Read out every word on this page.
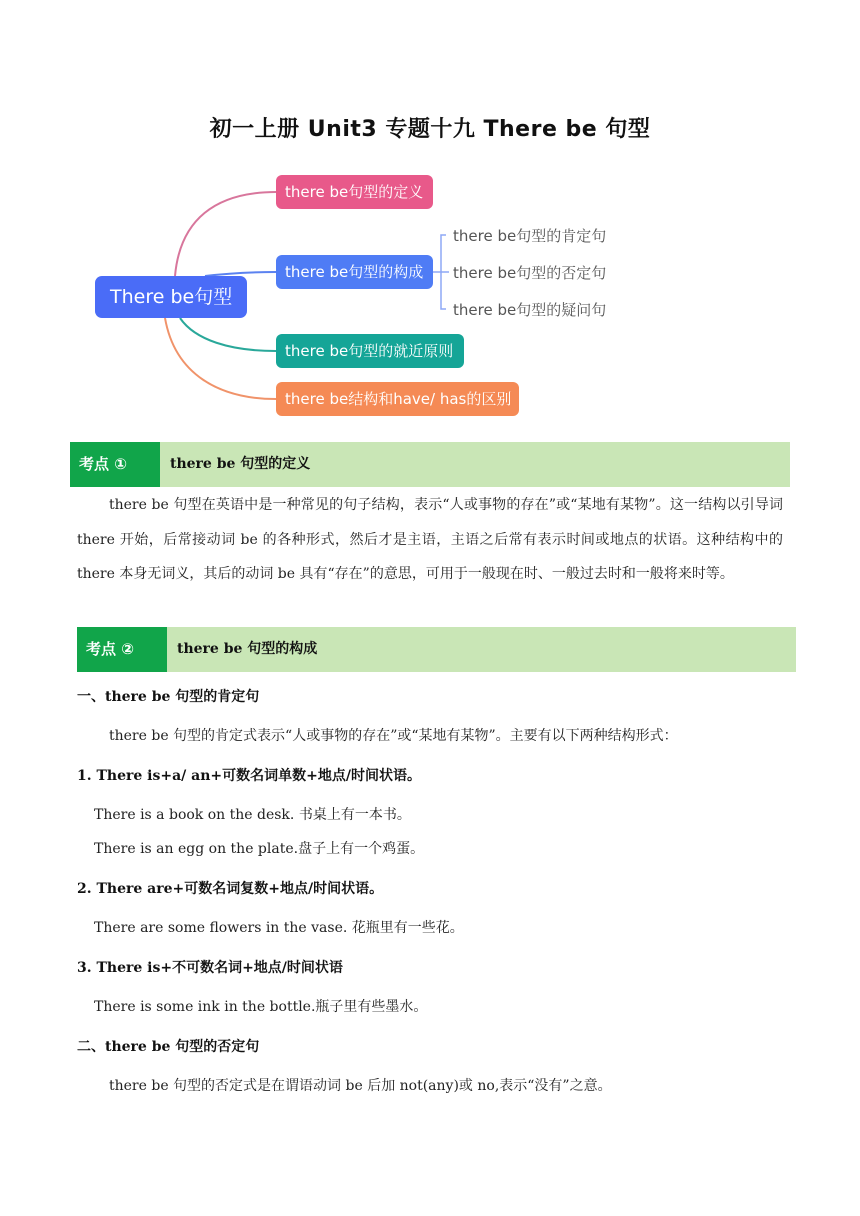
初一上册 Unit3 专题十九 There be 句型
There be句型
there be句型的定义
there be句型的构成
there be句型的就近原则
there be结构和have/ has的区别
there be句型的肯定句
there be句型的否定句
there be句型的疑问句
考点 ①	there be 句型的定义

there be 句型在英语中是一种常见的句子结构，表示“人或事物的存在”或“某地有某物”。这一结构以引导词 there 开始，后常接动词 be 的各种形式，然后才是主语，主语之后常有表示时间或地点的状语。这种结构中的 there 本身无词义，其后的动词 be 具有“存在”的意思，可用于一般现在时、一般过去时和一般将来时等。

考点 ②	there be 句型的构成
一、there be 句型的肯定句
there be 句型的肯定式表示“人或事物的存在”或“某地有某物”。主要有以下两种结构形式：
1. There is+a/ an+可数名词单数+地点/时间状语。
There is a book on the desk. 书桌上有一本书。
There is an egg on the plate.盘子上有一个鸡蛋。
2. There are+可数名词复数+地点/时间状语。
There are some flowers in the vase. 花瓶里有一些花。
3. There is+不可数名词+地点/时间状语
There is some ink in the bottle.瓶子里有些墨水。
二、there be 句型的否定句
there be 句型的否定式是在谓语动词 be 后加 not(any)或 no,表示“没有”之意。
